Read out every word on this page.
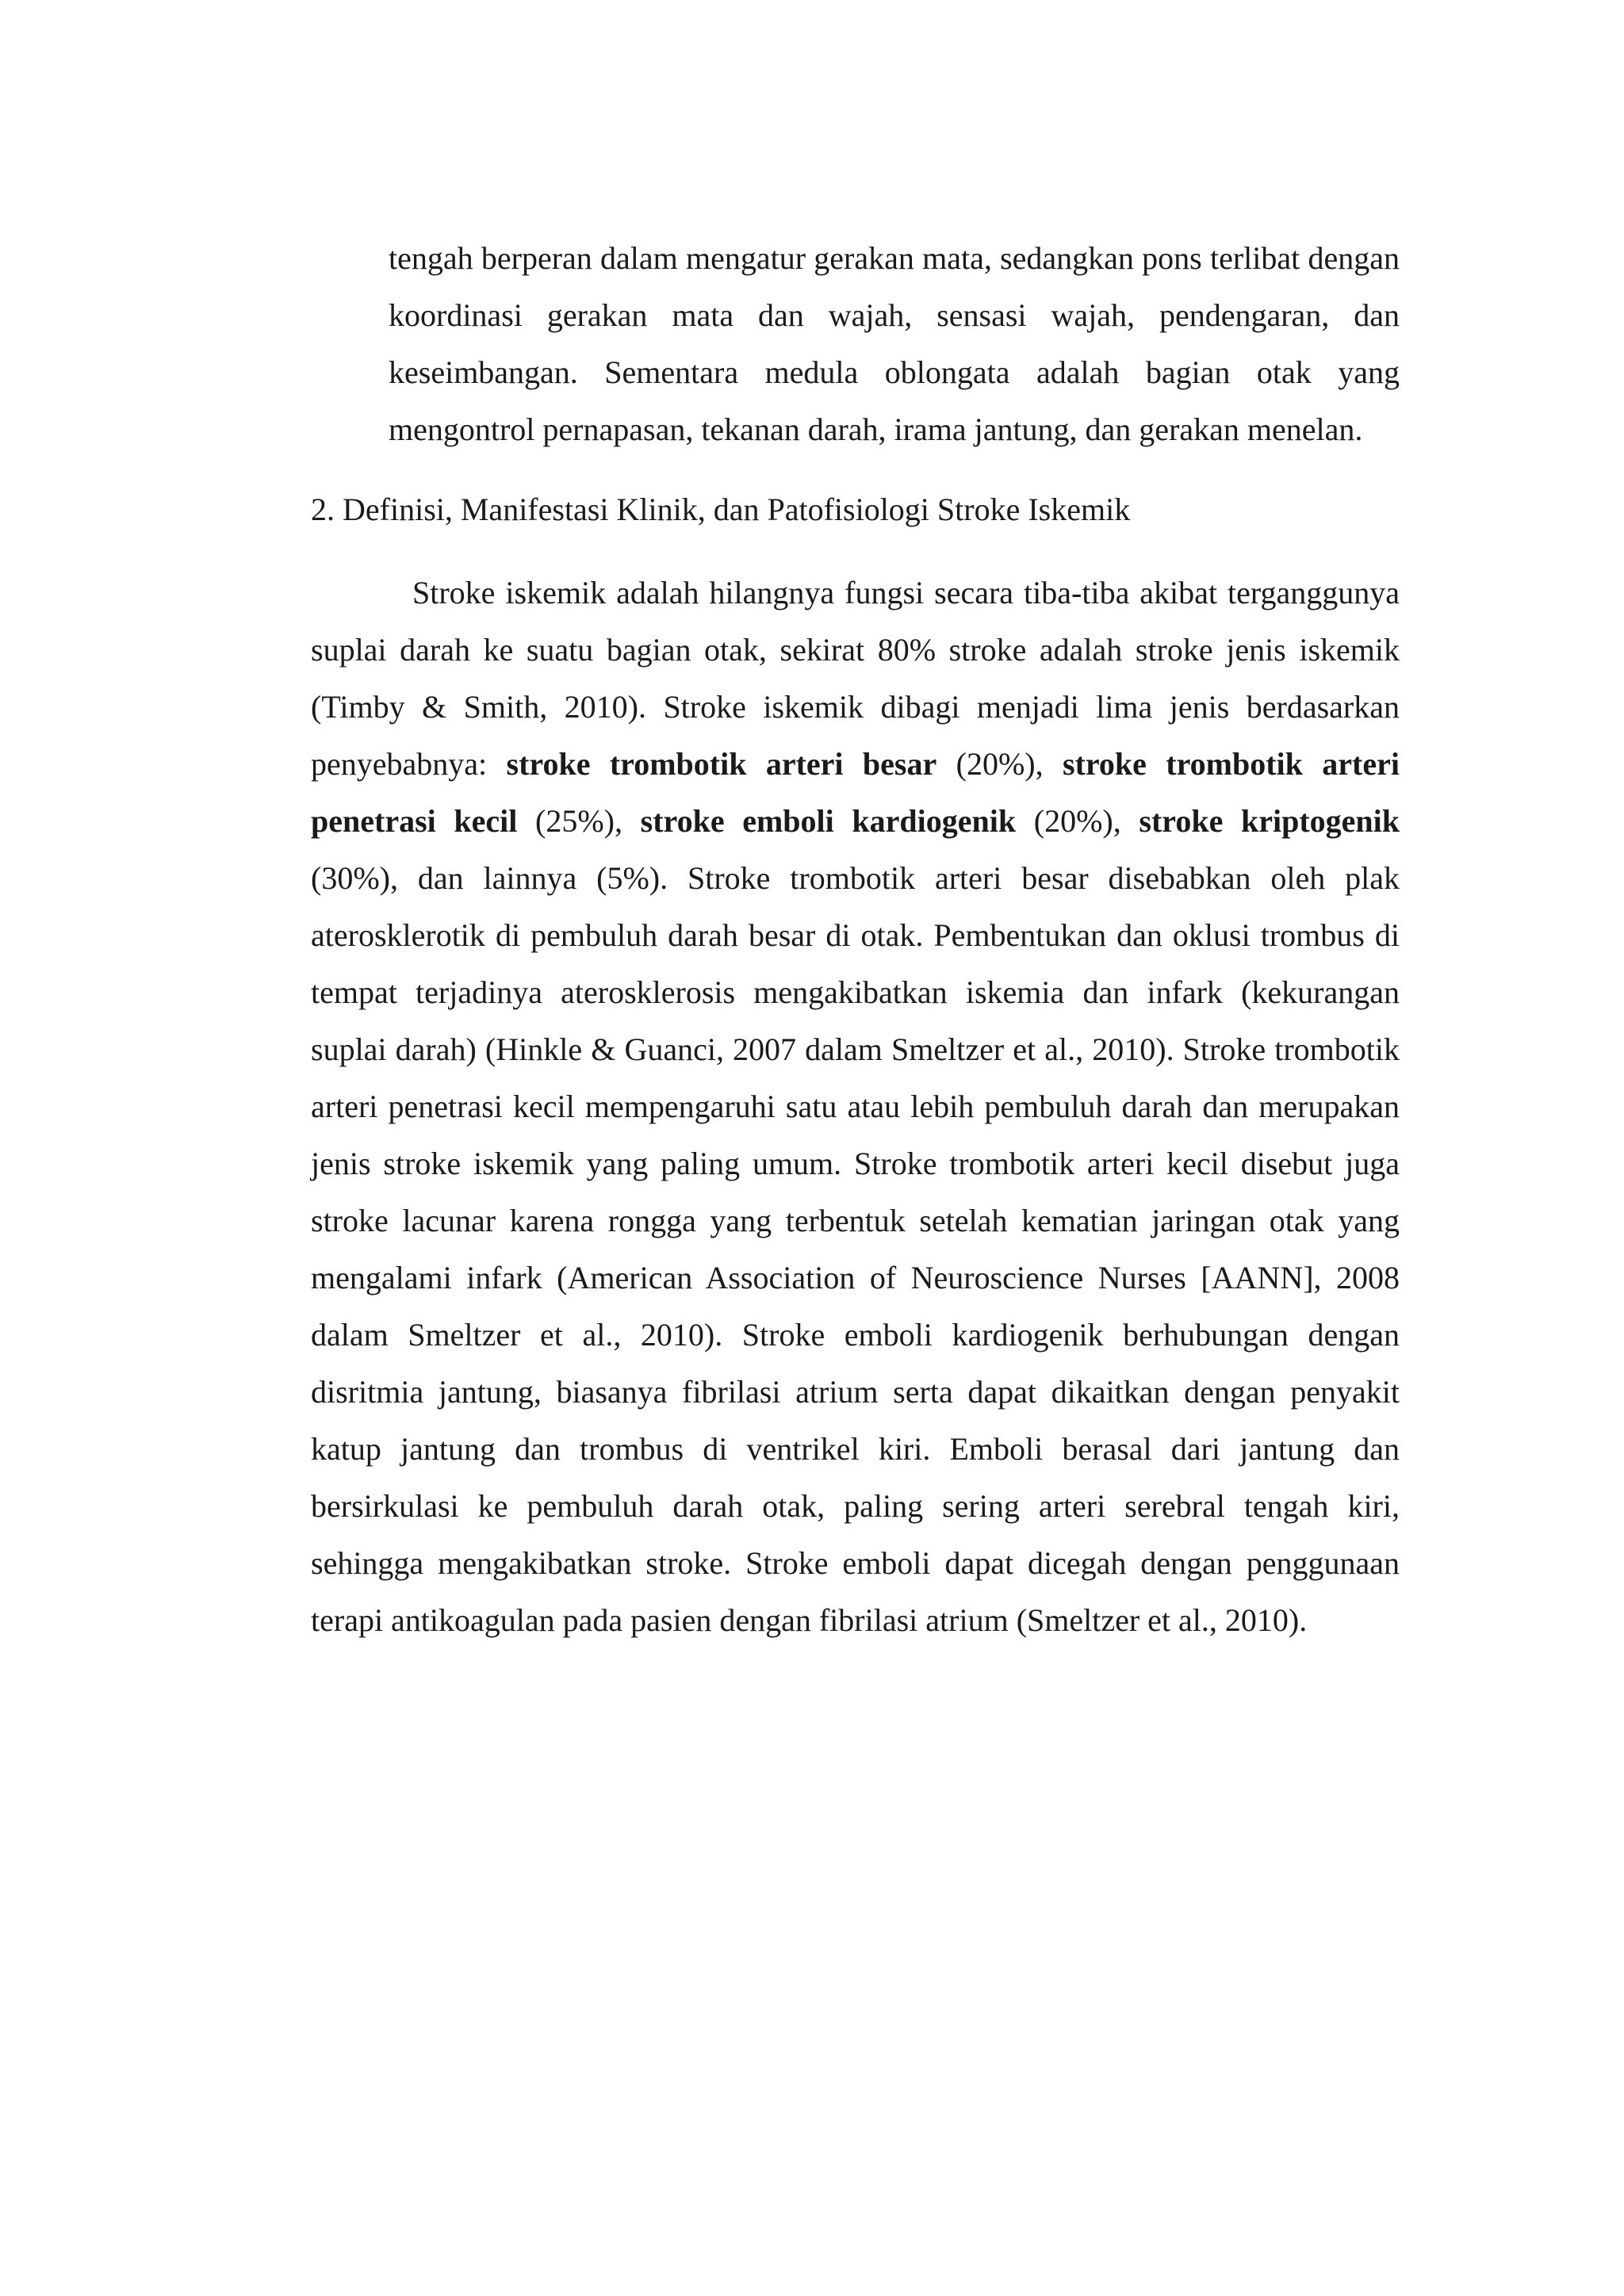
tengah berperan dalam mengatur gerakan mata, sedangkan pons terlibat dengan koordinasi gerakan mata dan wajah, sensasi wajah, pendengaran, dan keseimbangan. Sementara medula oblongata adalah bagian otak yang mengontrol pernapasan, tekanan darah, irama jantung, dan gerakan menelan.

2. Definisi, Manifestasi Klinik, dan Patofisiologi Stroke Iskemik

Stroke iskemik adalah hilangnya fungsi secara tiba-tiba akibat terganggunya suplai darah ke suatu bagian otak, sekirat 80% stroke adalah stroke jenis iskemik (Timby & Smith, 2010). Stroke iskemik dibagi menjadi lima jenis berdasarkan penyebabnya: stroke trombotik arteri besar (20%), stroke trombotik arteri penetrasi kecil (25%), stroke emboli kardiogenik (20%), stroke kriptogenik (30%), dan lainnya (5%). Stroke trombotik arteri besar disebabkan oleh plak aterosklerotik di pembuluh darah besar di otak. Pembentukan dan oklusi trombus di tempat terjadinya aterosklerosis mengakibatkan iskemia dan infark (kekurangan suplai darah) (Hinkle & Guanci, 2007 dalam Smeltzer et al., 2010). Stroke trombotik arteri penetrasi kecil mempengaruhi satu atau lebih pembuluh darah dan merupakan jenis stroke iskemik yang paling umum. Stroke trombotik arteri kecil disebut juga stroke lacunar karena rongga yang terbentuk setelah kematian jaringan otak yang mengalami infark (American Association of Neuroscience Nurses [AANN], 2008 dalam Smeltzer et al., 2010). Stroke emboli kardiogenik berhubungan dengan disritmia jantung, biasanya fibrilasi atrium serta dapat dikaitkan dengan penyakit katup jantung dan trombus di ventrikel kiri. Emboli berasal dari jantung dan bersirkulasi ke pembuluh darah otak, paling sering arteri serebral tengah kiri, sehingga mengakibatkan stroke. Stroke emboli dapat dicegah dengan penggunaan terapi antikoagulan pada pasien dengan fibrilasi atrium (Smeltzer et al., 2010).
